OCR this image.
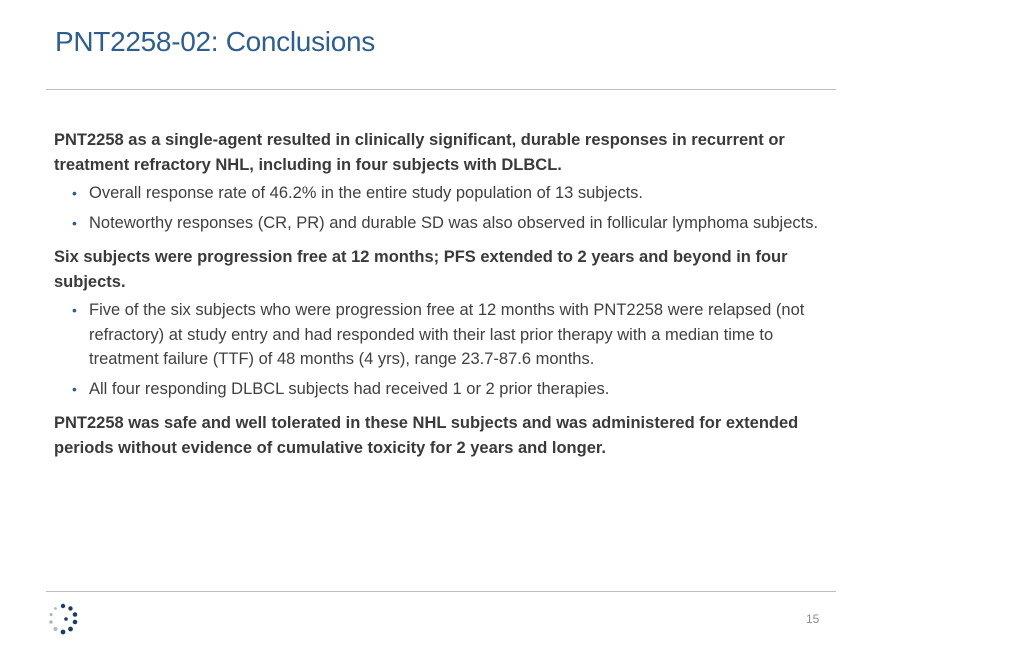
PNT2258-02: Conclusions

PNT2258 as a single-agent resulted in clinically significant, durable responses in recurrent or treatment refractory NHL, including in four subjects with DLBCL.

• Overall response rate of 46.2% in the entire study population of 13 subjects.
• Noteworthy responses (CR, PR) and durable SD was also observed in follicular lymphoma subjects.

Six subjects were progression free at 12 months; PFS extended to 2 years and beyond in four subjects.

• Five of the six subjects who were progression free at 12 months with PNT2258 were relapsed (not refractory) at study entry and had responded with their last prior therapy with a median time to treatment failure (TTF) of 48 months (4 yrs), range 23.7-87.6 months.
• All four responding DLBCL subjects had received 1 or 2 prior therapies.

PNT2258 was safe and well tolerated in these NHL subjects and was administered for extended periods without evidence of cumulative toxicity for 2 years and longer.

15
